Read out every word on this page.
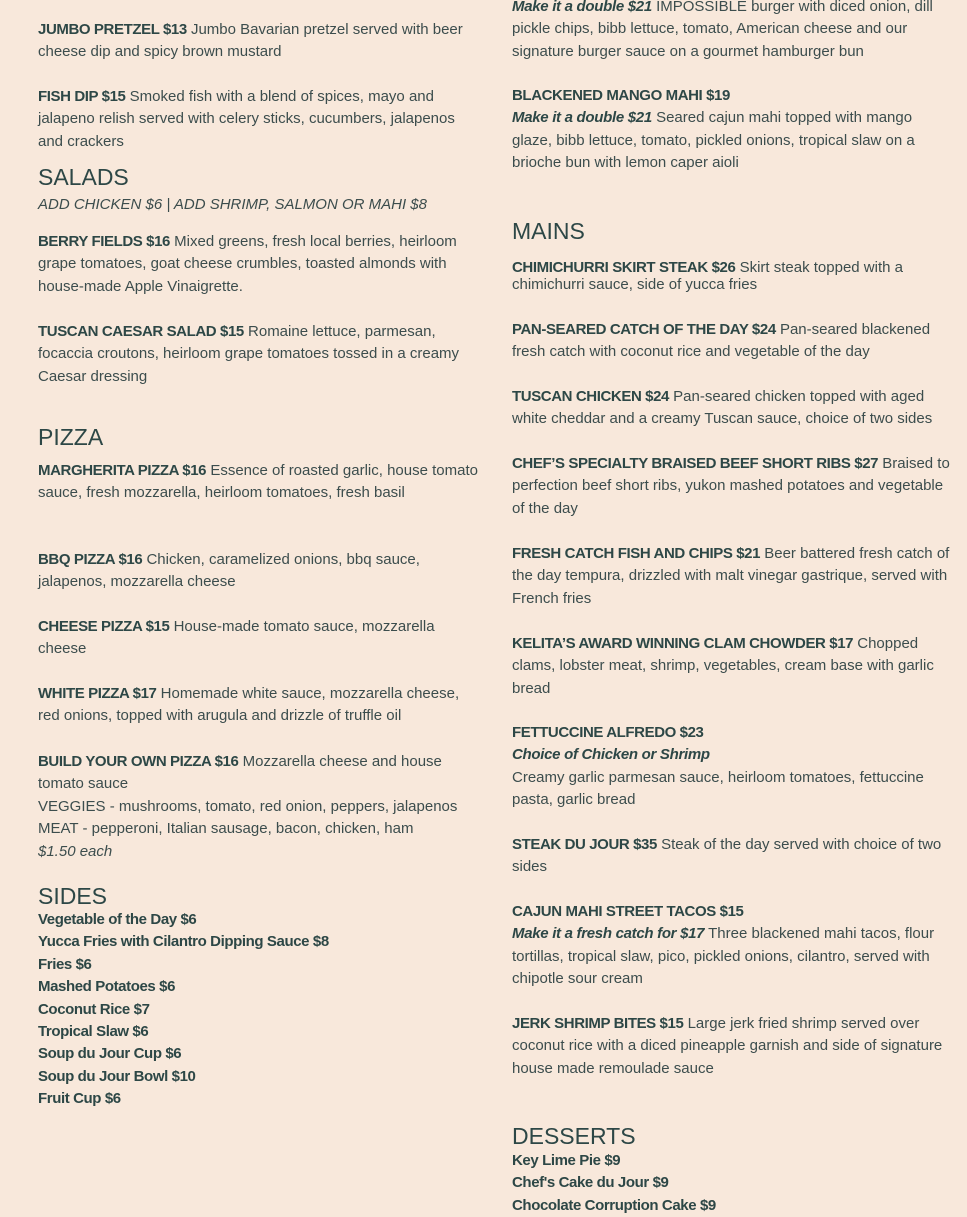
JUMBO PRETZEL $13 Jumbo Bavarian pretzel served with beer cheese dip and spicy brown mustard
FISH DIP $15 Smoked fish with a blend of spices, mayo and jalapeno relish served with celery sticks, cucumbers, jalapenos and crackers
SALADS
ADD CHICKEN $6 | ADD SHRIMP, SALMON OR MAHI $8
BERRY FIELDS $16 Mixed greens, fresh local berries, heirloom grape tomatoes, goat cheese crumbles, toasted almonds with house-made Apple Vinaigrette.
TUSCAN CAESAR SALAD $15 Romaine lettuce, parmesan, focaccia croutons, heirloom grape tomatoes tossed in a creamy Caesar dressing
PIZZA
MARGHERITA PIZZA $16 Essence of roasted garlic, house tomato sauce, fresh mozzarella, heirloom tomatoes, fresh basil
BBQ PIZZA $16 Chicken, caramelized onions, bbq sauce, jalapenos, mozzarella cheese
CHEESE PIZZA $15 House-made tomato sauce, mozzarella cheese
WHITE PIZZA $17 Homemade white sauce, mozzarella cheese, red onions, topped with arugula and drizzle of truffle oil
BUILD YOUR OWN PIZZA $16 Mozzarella cheese and house tomato sauce
VEGGIES - mushrooms, tomato, red onion, peppers, jalapenos
MEAT - pepperoni, Italian sausage, bacon, chicken, ham
$1.50 each
SIDES
Vegetable of the Day $6
Yucca Fries with Cilantro Dipping Sauce $8
Fries $6
Mashed Potatoes $6
Coconut Rice $7
Tropical Slaw $6
Soup du Jour Cup $6
Soup du Jour Bowl $10
Fruit Cup $6
Make it a double $21 IMPOSSIBLE burger with diced onion, dill pickle chips, bibb lettuce, tomato, American cheese and our signature burger sauce on a gourmet hamburger bun
BLACKENED MANGO MAHI $19
Make it a double $21 Seared cajun mahi topped with mango glaze, bibb lettuce, tomato, pickled onions, tropical slaw on a brioche bun with lemon caper aioli
MAINS
CHIMICHURRI SKIRT STEAK $26 Skirt steak topped with a chimichurri sauce, side of yucca fries
PAN-SEARED CATCH OF THE DAY $24 Pan-seared blackened fresh catch with coconut rice and vegetable of the day
TUSCAN CHICKEN $24 Pan-seared chicken topped with aged white cheddar and a creamy Tuscan sauce, choice of two sides
CHEF’S SPECIALTY BRAISED BEEF SHORT RIBS $27 Braised to perfection beef short ribs, yukon mashed potatoes and vegetable of the day
FRESH CATCH FISH AND CHIPS $21 Beer battered fresh catch of the day tempura, drizzled with malt vinegar gastrique, served with French fries
KELITA’S AWARD WINNING CLAM CHOWDER $17 Chopped clams, lobster meat, shrimp, vegetables, cream base with garlic bread
FETTUCCINE ALFREDO $23
Choice of Chicken or Shrimp
Creamy garlic parmesan sauce, heirloom tomatoes, fettuccine pasta, garlic bread
STEAK DU JOUR $35 Steak of the day served with choice of two sides
CAJUN MAHI STREET TACOS $15
Make it a fresh catch for $17 Three blackened mahi tacos, flour tortillas, tropical slaw, pico, pickled onions, cilantro, served with chipotle sour cream
JERK SHRIMP BITES $15 Large jerk fried shrimp served over coconut rice with a diced pineapple garnish and side of signature house made remoulade sauce
DESSERTS
Key Lime Pie $9
Chef's Cake du Jour $9
Chocolate Corruption Cake $9
